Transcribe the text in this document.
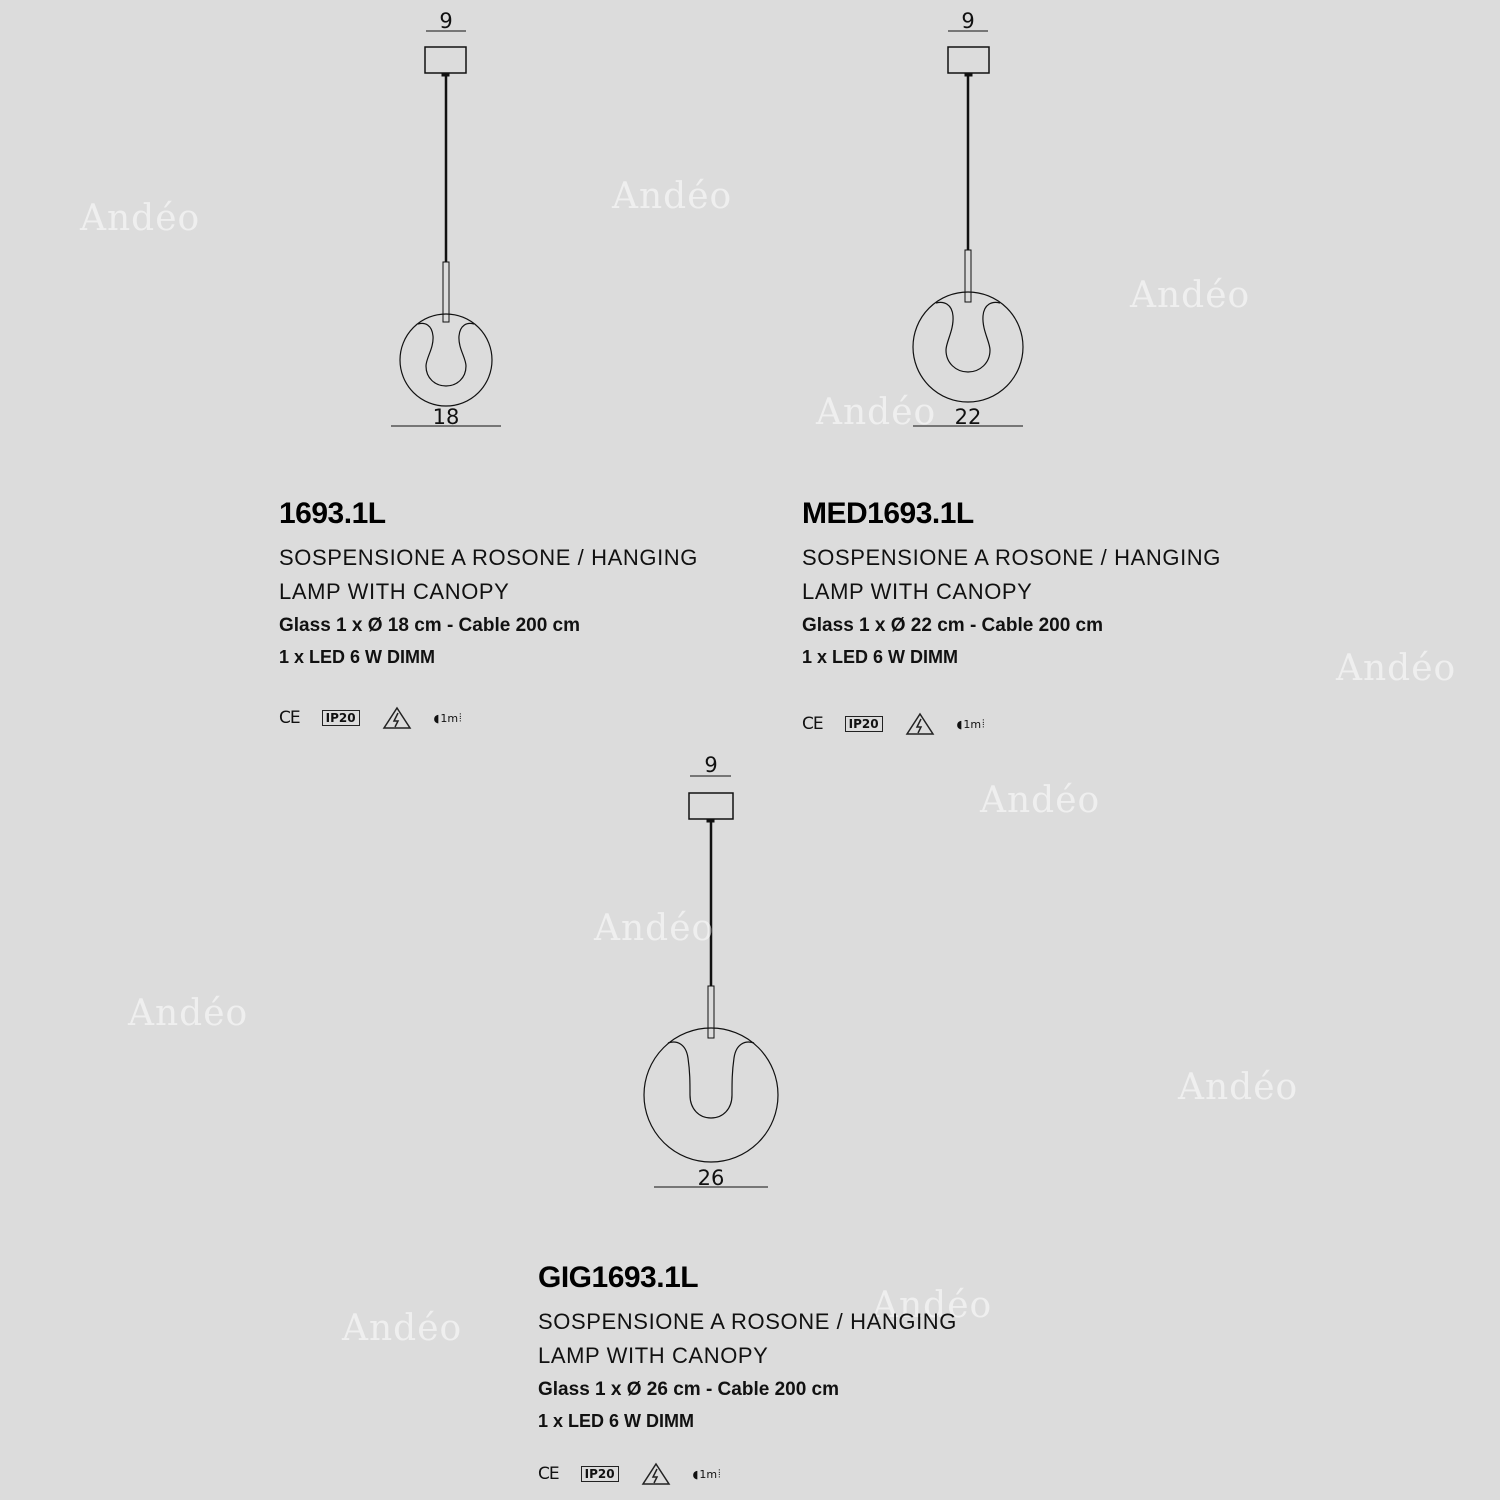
9
18
9
22
9
26
Andéo
Andéo
Andéo
Andéo
Andéo
Andéo
Andéo
Andéo
Andéo
Andéo
Andéo
1693.1L
SOSPENSIONE A ROSONE / HANGING
LAMP WITH CANOPY
Glass 1 x Ø 18 cm - Cable 200 cm
1 x LED 6 W DIMM
CE	IP20	◖ 1m ⦙
MED1693.1L
SOSPENSIONE A ROSONE / HANGING
LAMP WITH CANOPY
Glass 1 x Ø 22 cm - Cable 200 cm
1 x LED 6 W DIMM
CE	IP20	◖ 1m ⦙
GIG1693.1L
SOSPENSIONE A ROSONE / HANGING
LAMP WITH CANOPY
Glass 1 x Ø 26 cm - Cable 200 cm
1 x LED 6 W DIMM
CE	IP20	◖ 1m ⦙
